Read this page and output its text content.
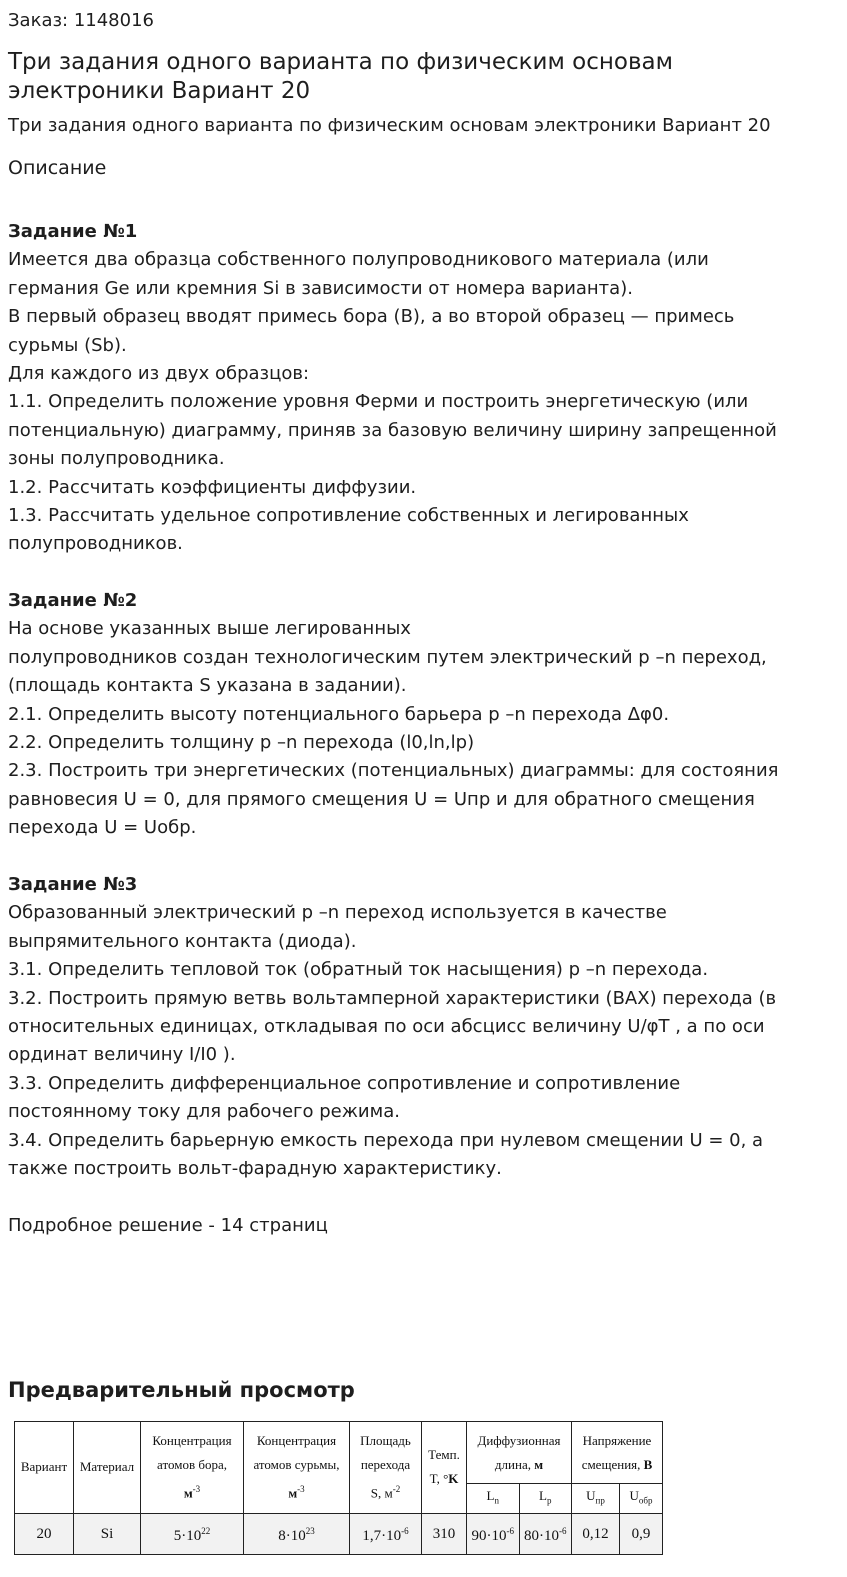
Заказ: 1148016
Три задания одного варианта по физическим основам
электроники Вариант 20
Три задания одного варианта по физическим основам электроники Вариант 20
Описание
Задание №1
Имеется два образца собственного полупроводникового материала (или
германия Ge или кремния Si в зависимости от номера варианта).
В первый образец вводят примесь бора (B), а во второй образец — примесь
сурьмы (Sb).
Для каждого из двух образцов:
1.1. Определить положение уровня Ферми и построить энергетическую (или
потенциальную) диаграмму, приняв за базовую величину ширину запрещенной
зоны полупроводника.
1.2. Рассчитать коэффициенты диффузии.
1.3. Рассчитать удельное сопротивление собственных и легированных
полупроводников.
Задание №2
На основе указанных выше легированных
полупроводников создан технологическим путем электрический p –n переход,
(площадь контакта S указана в задании).
2.1. Определить высоту потенциального барьера p –n перехода Δφ0.
2.2. Определить толщину p –n перехода (l0,ln,lp)
2.3. Построить три энергетических (потенциальных) диаграммы: для состояния
равновесия U = 0, для прямого смещения U = Uпр и для обратного смещения
перехода U = Uобр.
Задание №3
Образованный электрический p –n переход используется в качестве
выпрямительного контакта (диода).
3.1. Определить тепловой ток (обратный ток насыщения) p –n перехода.
3.2. Построить прямую ветвь вольтамперной характеристики (ВАХ) перехода (в
относительных единицах, откладывая по оси абсцисс величину U/φT , а по оси
ординат величину I/I0 ).
3.3. Определить дифференциальное сопротивление и сопротивление
постоянному току для рабочего режима.
3.4. Определить барьерную емкость перехода при нулевом смещении U = 0, а
также построить вольт-фарадную характеристику.
Подробное решение - 14 страниц
Предварительный просмотр
Вариант	Материал	Концентрация атомов бора,
$м^{-3}$	Концентрация атомов сурьмы,
$м^{-3}$	Площадь перехода
S, $м^{-2}$	Темп.
T, °K	Диффузионная длина, м		Напряжение смещения, В	
						$L_n$	$L_p$	$U_{пр}$	$U_{обр}$
20	Si	$5\cdot 10^{22}$	$8\cdot 10^{23}$	$1,7\cdot 10^{-6}$	310	$90\cdot 10^{-6}$	$80\cdot 10^{-6}$	0,12	0,9
